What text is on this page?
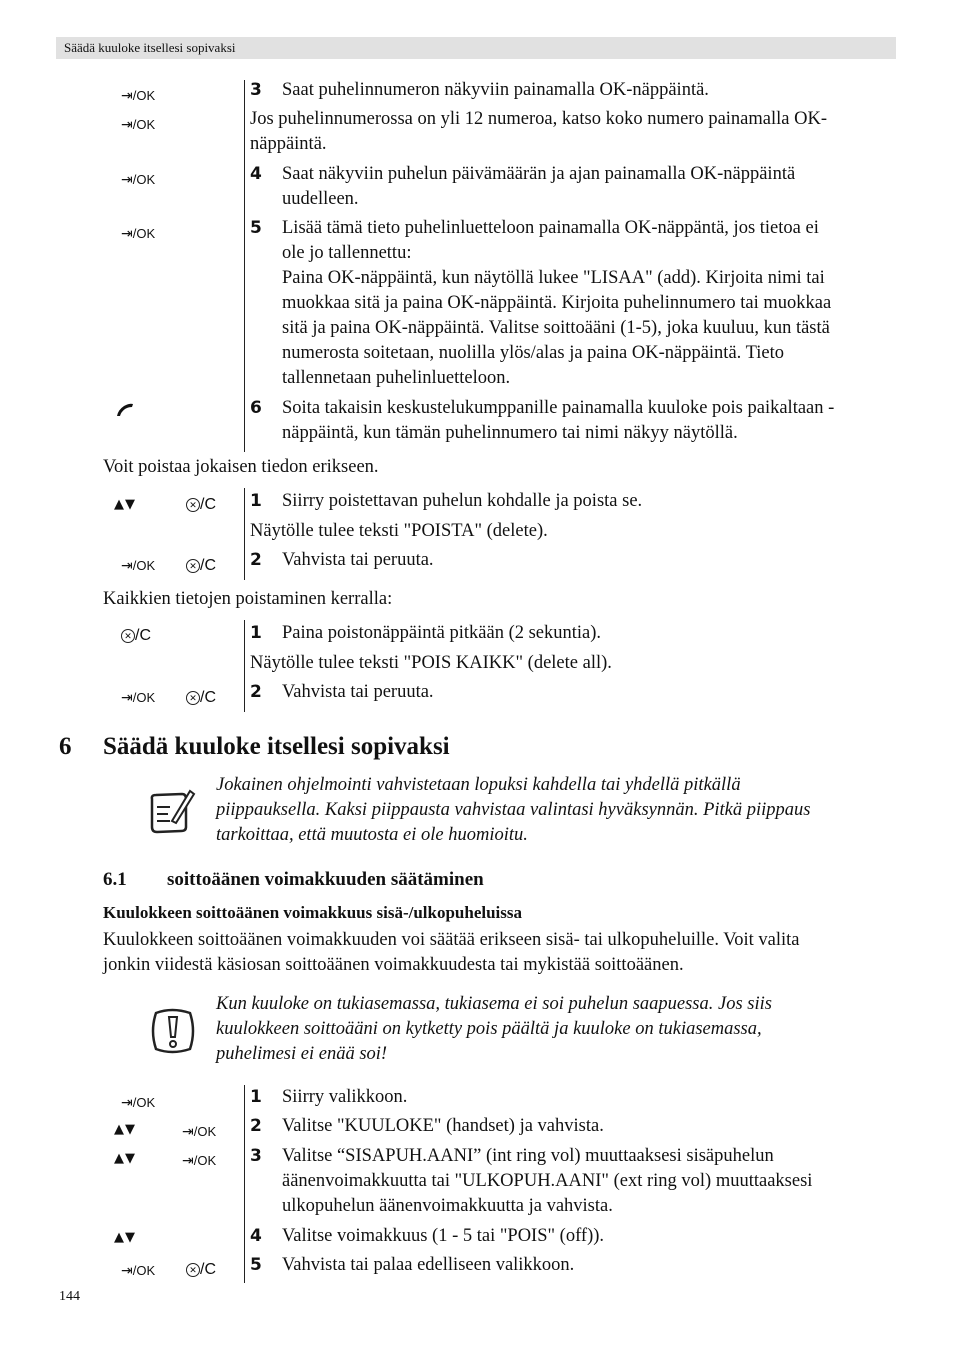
Säädä kuuloke itsellesi sopivaksi
⇥/OK
⇥/OK
⇥/OK
⇥/OK
3 Saat puhelinnumeron näkyviin painamalla OK-näppäintä.
Jos puhelinnumerossa on yli 12 numeroa, katso koko numero painamalla OK-
näppäintä.
4 Saat näkyviin puhelun päivämäärän ja ajan painamalla OK-näppäintä
uudelleen.
5 Lisää tämä tieto puhelinluetteloon painamalla OK-näppäntä, jos tietoa ei
ole jo tallennettu:
Paina OK-näppäintä, kun näytöllä lukee "LISAA" (add). Kirjoita nimi tai
muokkaa sitä ja paina OK-näppäintä. Kirjoita puhelinnumero tai muokkaa
sitä ja paina OK-näppäintä. Valitse soittoääni (1-5), joka kuuluu, kun tästä
numerosta soitetaan, nuolilla ylös/alas ja paina OK-näppäintä. Tieto
tallennetaan puhelinluetteloon.
6 Soita takaisin keskustelukumppanille painamalla kuuloke pois paikaltaan -
näppäintä, kun tämän puhelinnumero tai nimi näkyy näytöllä.
Voit poistaa jokaisen tiedon erikseen.
▲▼	✕ /C
⇥/OK	✕ /C
1 Siirry poistettavan puhelun kohdalle ja poista se.
Näytölle tulee teksti "POISTA" (delete).
2 Vahvista tai peruuta.
Kaikkien tietojen poistaminen kerralla:
✕ /C
⇥/OK	✕ /C
1 Paina poistonäppäintä pitkään (2 sekuntia).
Näytölle tulee teksti "POIS KAIKK" (delete all).
2 Vahvista tai peruuta.
6 Säädä kuuloke itsellesi sopivaksi
Jokainen ohjelmointi vahvistetaan lopuksi kahdella tai yhdellä pitkällä
piippauksella. Kaksi piippausta vahvistaa valintasi hyväksynnän. Pitkä piippaus
tarkoittaa, että muutosta ei ole huomioitu.
6.1 soittoäänen voimakkuuden säätäminen
Kuulokkeen soittoäänen voimakkuus sisä-/ulkopuheluissa
Kuulokkeen soittoäänen voimakkuuden voi säätää erikseen sisä- tai ulkopuheluille. Voit valita
jonkin viidestä käsiosan soittoäänen voimakkuudesta tai mykistää soittoäänen.
Kun kuuloke on tukiasemassa, tukiasema ei soi puhelun saapuessa. Jos siis
kuulokkeen soittoääni on kytketty pois päältä ja kuuloke on tukiasemassa,
puhelimesi ei enää soi!
⇥/OK
▲▼	⇥/OK
▲▼	⇥/OK
▲▼
⇥/OK	✕ /C
1 Siirry valikkoon.
2 Valitse "KUULOKE" (handset) ja vahvista.
3 Valitse “SISAPUH.AANI” (int ring vol) muuttaaksesi sisäpuhelun
äänenvoimakkuutta tai "ULKOPUH.AANI" (ext ring vol) muuttaaksesi
ulkopuhelun äänenvoimakkuutta ja vahvista.
4 Valitse voimakkuus (1 - 5 tai "POIS" (off)).
5 Vahvista tai palaa edelliseen valikkoon.
144
